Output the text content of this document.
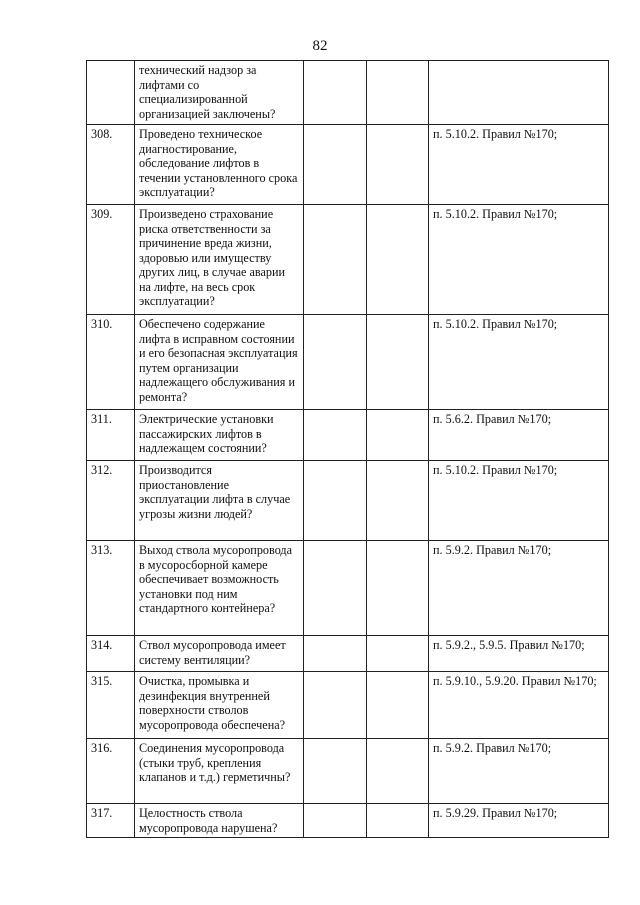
82
	технический надзор за лифтами со специализированной организацией заключены?			
308.	Проведено техническое диагностирование, обследование лифтов в течении установленного срока эксплуатации?			п. 5.10.2. Правил №170;
309.	Произведено страхование риска ответственности за причинение вреда жизни, здоровью или имуществу других лиц, в случае аварии на лифте, на весь срок эксплуатации?			п. 5.10.2. Правил №170;
310.	Обеспечено содержание лифта в исправном состоянии и его безопасная эксплуатация путем организации надлежащего обслуживания и ремонта?			п. 5.10.2. Правил №170;
311.	Электрические установки пассажирских лифтов в надлежащем состоянии?			п. 5.6.2. Правил №170;
312.	Производится приостановление эксплуатации лифта в случае угрозы жизни людей?			п. 5.10.2. Правил №170;
313.	Выход ствола мусоропровода в мусоросборной камере обеспечивает возможность установки под ним стандартного контейнера?			п. 5.9.2. Правил №170;
314.	Ствол мусоропровода имеет систему вентиляции?			п. 5.9.2., 5.9.5. Правил №170;
315.	Очистка, промывка и дезинфекция внутренней поверхности стволов мусоропровода обеспечена?			п. 5.9.10., 5.9.20. Правил №170;
316.	Соединения мусоропровода (стыки труб, крепления клапанов и т.д.) герметичны?			п. 5.9.2. Правил №170;
317.	Целостность ствола мусоропровода нарушена?			п. 5.9.29. Правил №170;
